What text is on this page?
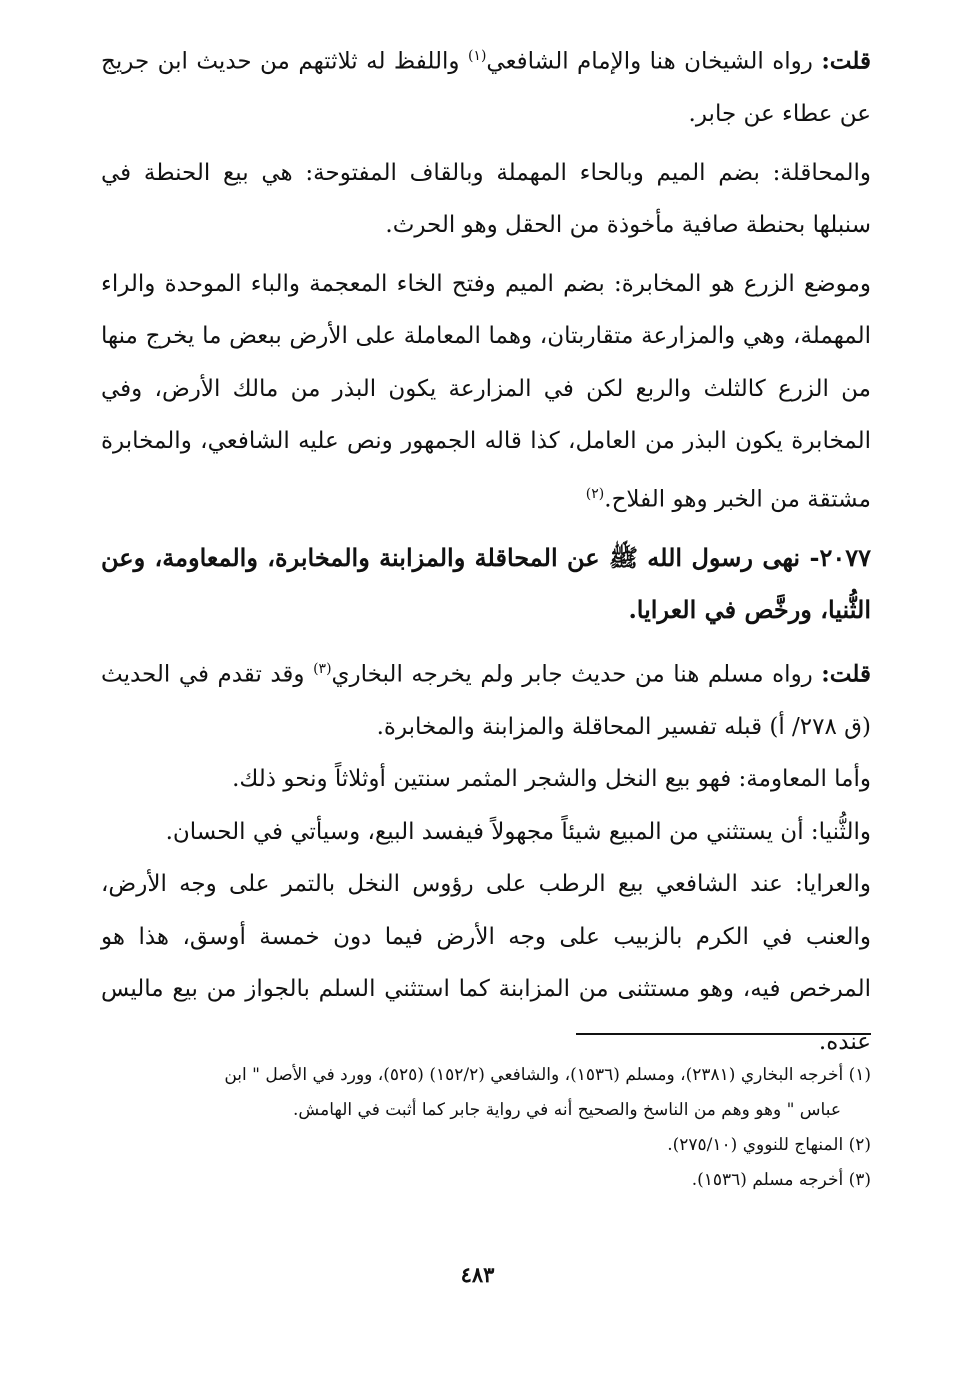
قلت: رواه الشيخان هنا والإمام الشافعي$^{(١)}$ واللفظ له ثلاثتهم من حديث ابن جريج عن عطاء عن جابر.

والمحاقلة: بضم الميم وبالحاء المهملة وبالقاف المفتوحة: هي بيع الحنطة في سنبلها بحنطة صافية مأخوذة من الحقل وهو الحرث.

وموضع الزرع هو المخابرة: بضم الميم وفتح الخاء المعجمة والباء الموحدة والراء المهملة، وهي والمزارعة متقاربتان، وهما المعاملة على الأرض ببعض ما يخرج منها من الزرع كالثلث والربع لكن في المزارعة يكون البذر من مالك الأرض، وفي المخابرة يكون البذر من العامل، كذا قاله الجمهور ونص عليه الشافعي، والمخابرة مشتقة من الخبر وهو الفلاح.$^{(٢)}$

٢٠٧٧- نهى رسول الله ﷺ عن المحاقلة والمزابنة والمخابرة، والمعاومة، وعن الثُّنيا، ورخَّص في العرايا.

قلت: رواه مسلم هنا من حديث جابر ولم يخرجه البخاري$^{(٣)}$ وقد تقدم في الحديث (ق ٢٧٨/ أ) قبله تفسير المحاقلة والمزابنة والمخابرة.

وأما المعاومة: فهو بيع النخل والشجر المثمر سنتين أوثلاثاً ونحو ذلك.

والثُّنيا: أن يستثني من المبيع شيئاً مجهولاً فيفسد البيع، وسيأتي في الحسان.

والعرايا: عند الشافعي بيع الرطب على رؤوس النخل بالتمر على وجه الأرض، والعنب في الكرم بالزبيب على وجه الأرض فيما دون خمسة أوسق، هذا هو المرخص فيه، وهو مستثنى من المزابنة كما استثني السلم بالجواز من بيع ماليس عنده.

(١) أخرجه البخاري (٢٣٨١)، ومسلم (١٥٣٦)، والشافعي (١٥٢/٢) (٥٢٥)، وورد في الأصل " ابن

عباس " وهو وهم من الناسخ والصحيح أنه في رواية جابر كما أثبت في الهامش.

(٢) المنهاج للنووي (٢٧٥/١٠).

(٣) أخرجه مسلم (١٥٣٦).

٤٨٣
